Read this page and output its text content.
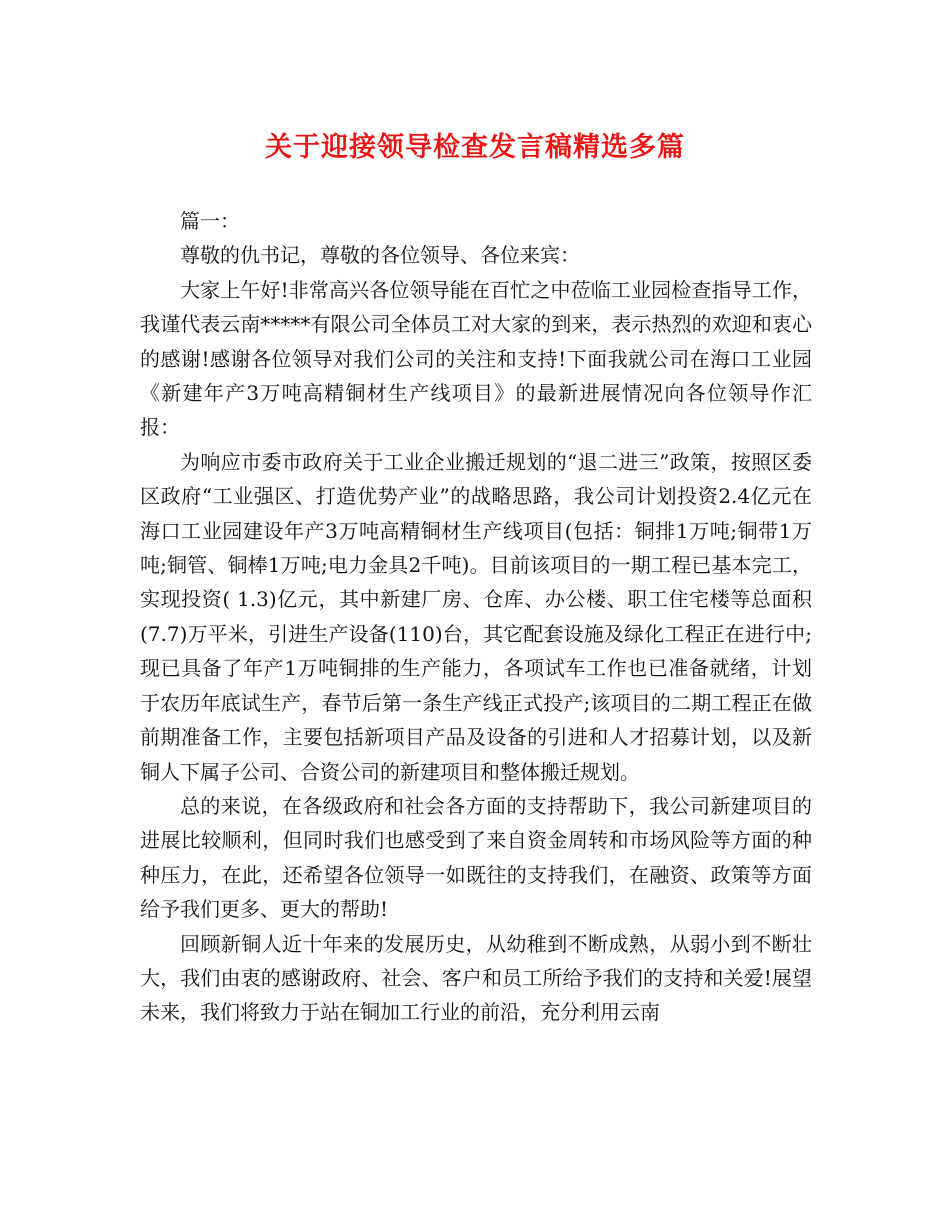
关于迎接领导检查发言稿精选多篇

篇一：

尊敬的仇书记，尊敬的各位领导、各位来宾：

大家上午好!非常高兴各位领导能在百忙之中莅临工业园检查指导工作，我谨代表云南*****有限公司全体员工对大家的到来，表示热烈的欢迎和衷心的感谢!感谢各位领导对我们公司的关注和支持!下面我就公司在海口工业园《新建年产3万吨高精铜材生产线项目》的最新进展情况向各位领导作汇报：

为响应市委市政府关于工业企业搬迁规划的“退二进三”政策，按照区委区政府“工业强区、打造优势产业”的战略思路，我公司计划投资2.4亿元在海口工业园建设年产3万吨高精铜材生产线项目(包括：铜排1万吨;铜带1万吨;铜管、铜棒1万吨;电力金具2千吨)。目前该项目的一期工程已基本完工，实现投资( 1.3)亿元，其中新建厂房、仓库、办公楼、职工住宅楼等总面积(7.7)万平米，引进生产设备(110)台，其它配套设施及绿化工程正在进行中;现已具备了年产1万吨铜排的生产能力，各项试车工作也已准备就绪，计划于农历年底试生产，春节后第一条生产线正式投产;该项目的二期工程正在做前期准备工作，主要包括新项目产品及设备的引进和人才招募计划，以及新铜人下属子公司、合资公司的新建项目和整体搬迁规划。

总的来说，在各级政府和社会各方面的支持帮助下，我公司新建项目的进展比较顺利，但同时我们也感受到了来自资金周转和市场风险等方面的种种压力，在此，还希望各位领导一如既往的支持我们，在融资、政策等方面给予我们更多、更大的帮助!

回顾新铜人近十年来的发展历史，从幼稚到不断成熟，从弱小到不断壮大，我们由衷的感谢政府、社会、客户和员工所给予我们的支持和关爱!展望未来，我们将致力于站在铜加工行业的前沿，充分利用云南
